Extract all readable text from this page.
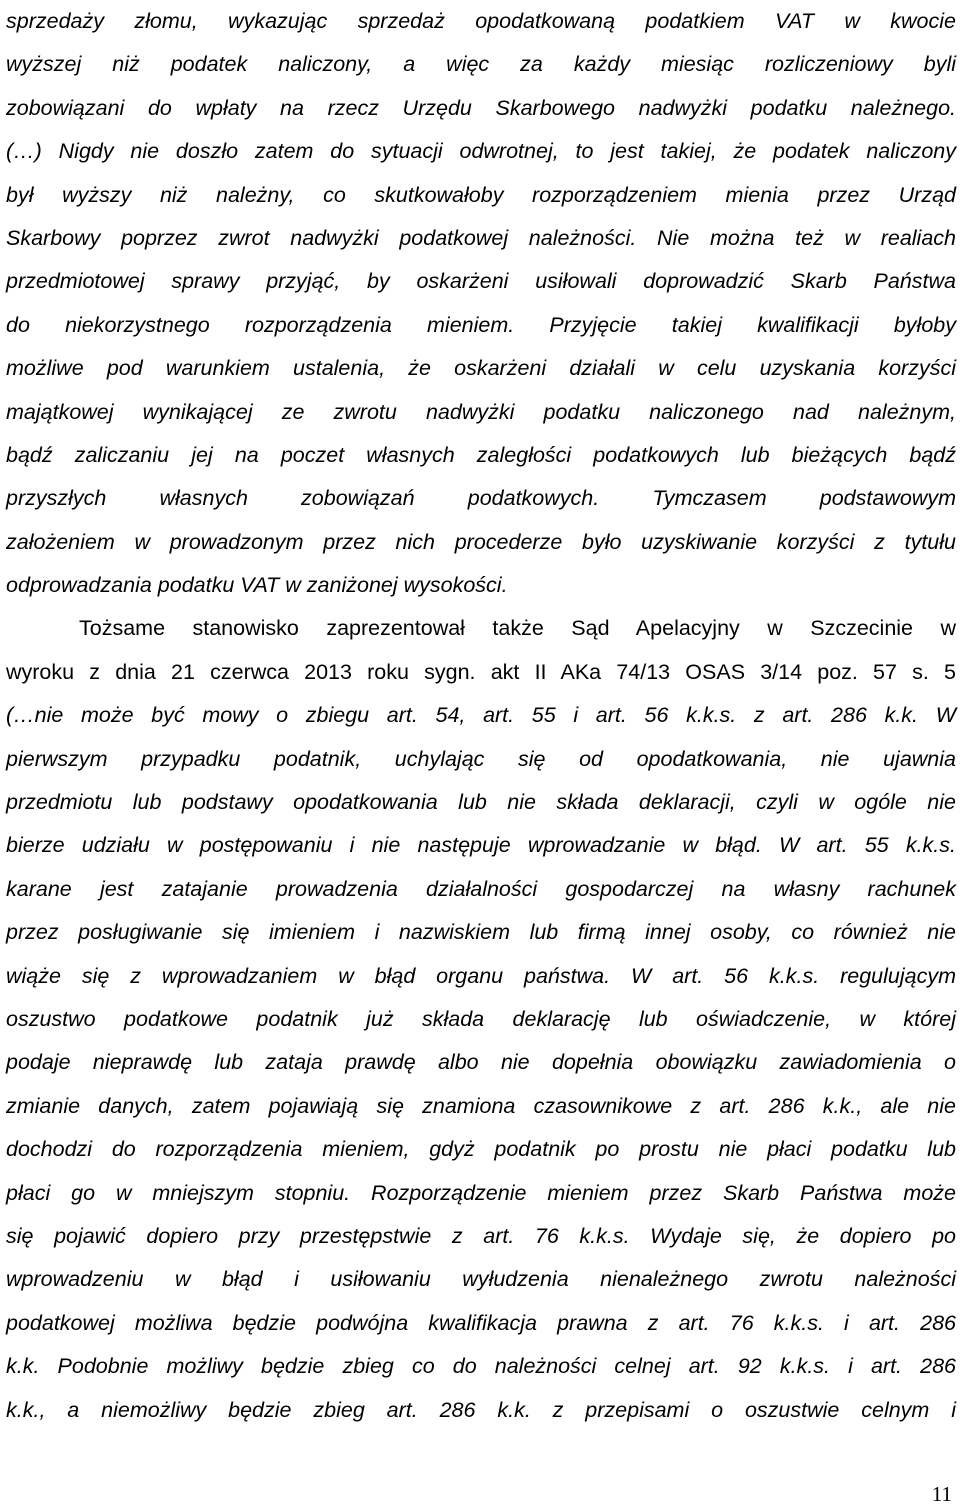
sprzedaży złomu, wykazując sprzedaż opodatkowaną podatkiem VAT w kwocie
wyższej niż podatek naliczony, a więc za każdy miesiąc rozliczeniowy byli
zobowiązani do wpłaty na rzecz Urzędu Skarbowego nadwyżki podatku należnego.
(…) Nigdy nie doszło zatem do sytuacji odwrotnej, to jest takiej, że podatek naliczony
był wyższy niż należny, co skutkowałoby rozporządzeniem mienia przez Urząd
Skarbowy poprzez zwrot nadwyżki podatkowej należności. Nie można też w realiach
przedmiotowej sprawy przyjąć, by oskarżeni usiłowali doprowadzić Skarb Państwa
do niekorzystnego rozporządzenia mieniem. Przyjęcie takiej kwalifikacji byłoby
możliwe pod warunkiem ustalenia, że oskarżeni działali w celu uzyskania korzyści
majątkowej wynikającej ze zwrotu nadwyżki podatku naliczonego nad należnym,
bądź zaliczaniu jej na poczet własnych zaległości podatkowych lub bieżących bądź
przyszłych własnych zobowiązań podatkowych. Tymczasem podstawowym
założeniem w prowadzonym przez nich procederze było uzyskiwanie korzyści z tytułu
odprowadzania podatku VAT w zaniżonej wysokości.
Tożsame stanowisko zaprezentował także Sąd Apelacyjny w Szczecinie w
wyroku z dnia 21 czerwca 2013 roku sygn. akt II AKa 74/13 OSAS 3/14 poz. 57 s. 5
(…nie może być mowy o zbiegu art. 54, art. 55 i art. 56 k.k.s. z art. 286 k.k. W
pierwszym przypadku podatnik, uchylając się od opodatkowania, nie ujawnia
przedmiotu lub podstawy opodatkowania lub nie składa deklaracji, czyli w ogóle nie
bierze udziału w postępowaniu i nie następuje wprowadzanie w błąd. W art. 55 k.k.s.
karane jest zatajanie prowadzenia działalności gospodarczej na własny rachunek
przez posługiwanie się imieniem i nazwiskiem lub firmą innej osoby, co również nie
wiąże się z wprowadzaniem w błąd organu państwa. W art. 56 k.k.s. regulującym
oszustwo podatkowe podatnik już składa deklarację lub oświadczenie, w której
podaje nieprawdę lub zataja prawdę albo nie dopełnia obowiązku zawiadomienia o
zmianie danych, zatem pojawiają się znamiona czasownikowe z art. 286 k.k., ale nie
dochodzi do rozporządzenia mieniem, gdyż podatnik po prostu nie płaci podatku lub
płaci go w mniejszym stopniu. Rozporządzenie mieniem przez Skarb Państwa może
się pojawić dopiero przy przestępstwie z art. 76 k.k.s. Wydaje się, że dopiero po
wprowadzeniu w błąd i usiłowaniu wyłudzenia nienależnego zwrotu należności
podatkowej możliwa będzie podwójna kwalifikacja prawna z art. 76 k.k.s. i art. 286
k.k. Podobnie możliwy będzie zbieg co do należności celnej art. 92 k.k.s. i art. 286
k.k., a niemożliwy będzie zbieg art. 286 k.k. z przepisami o oszustwie celnym i
11
